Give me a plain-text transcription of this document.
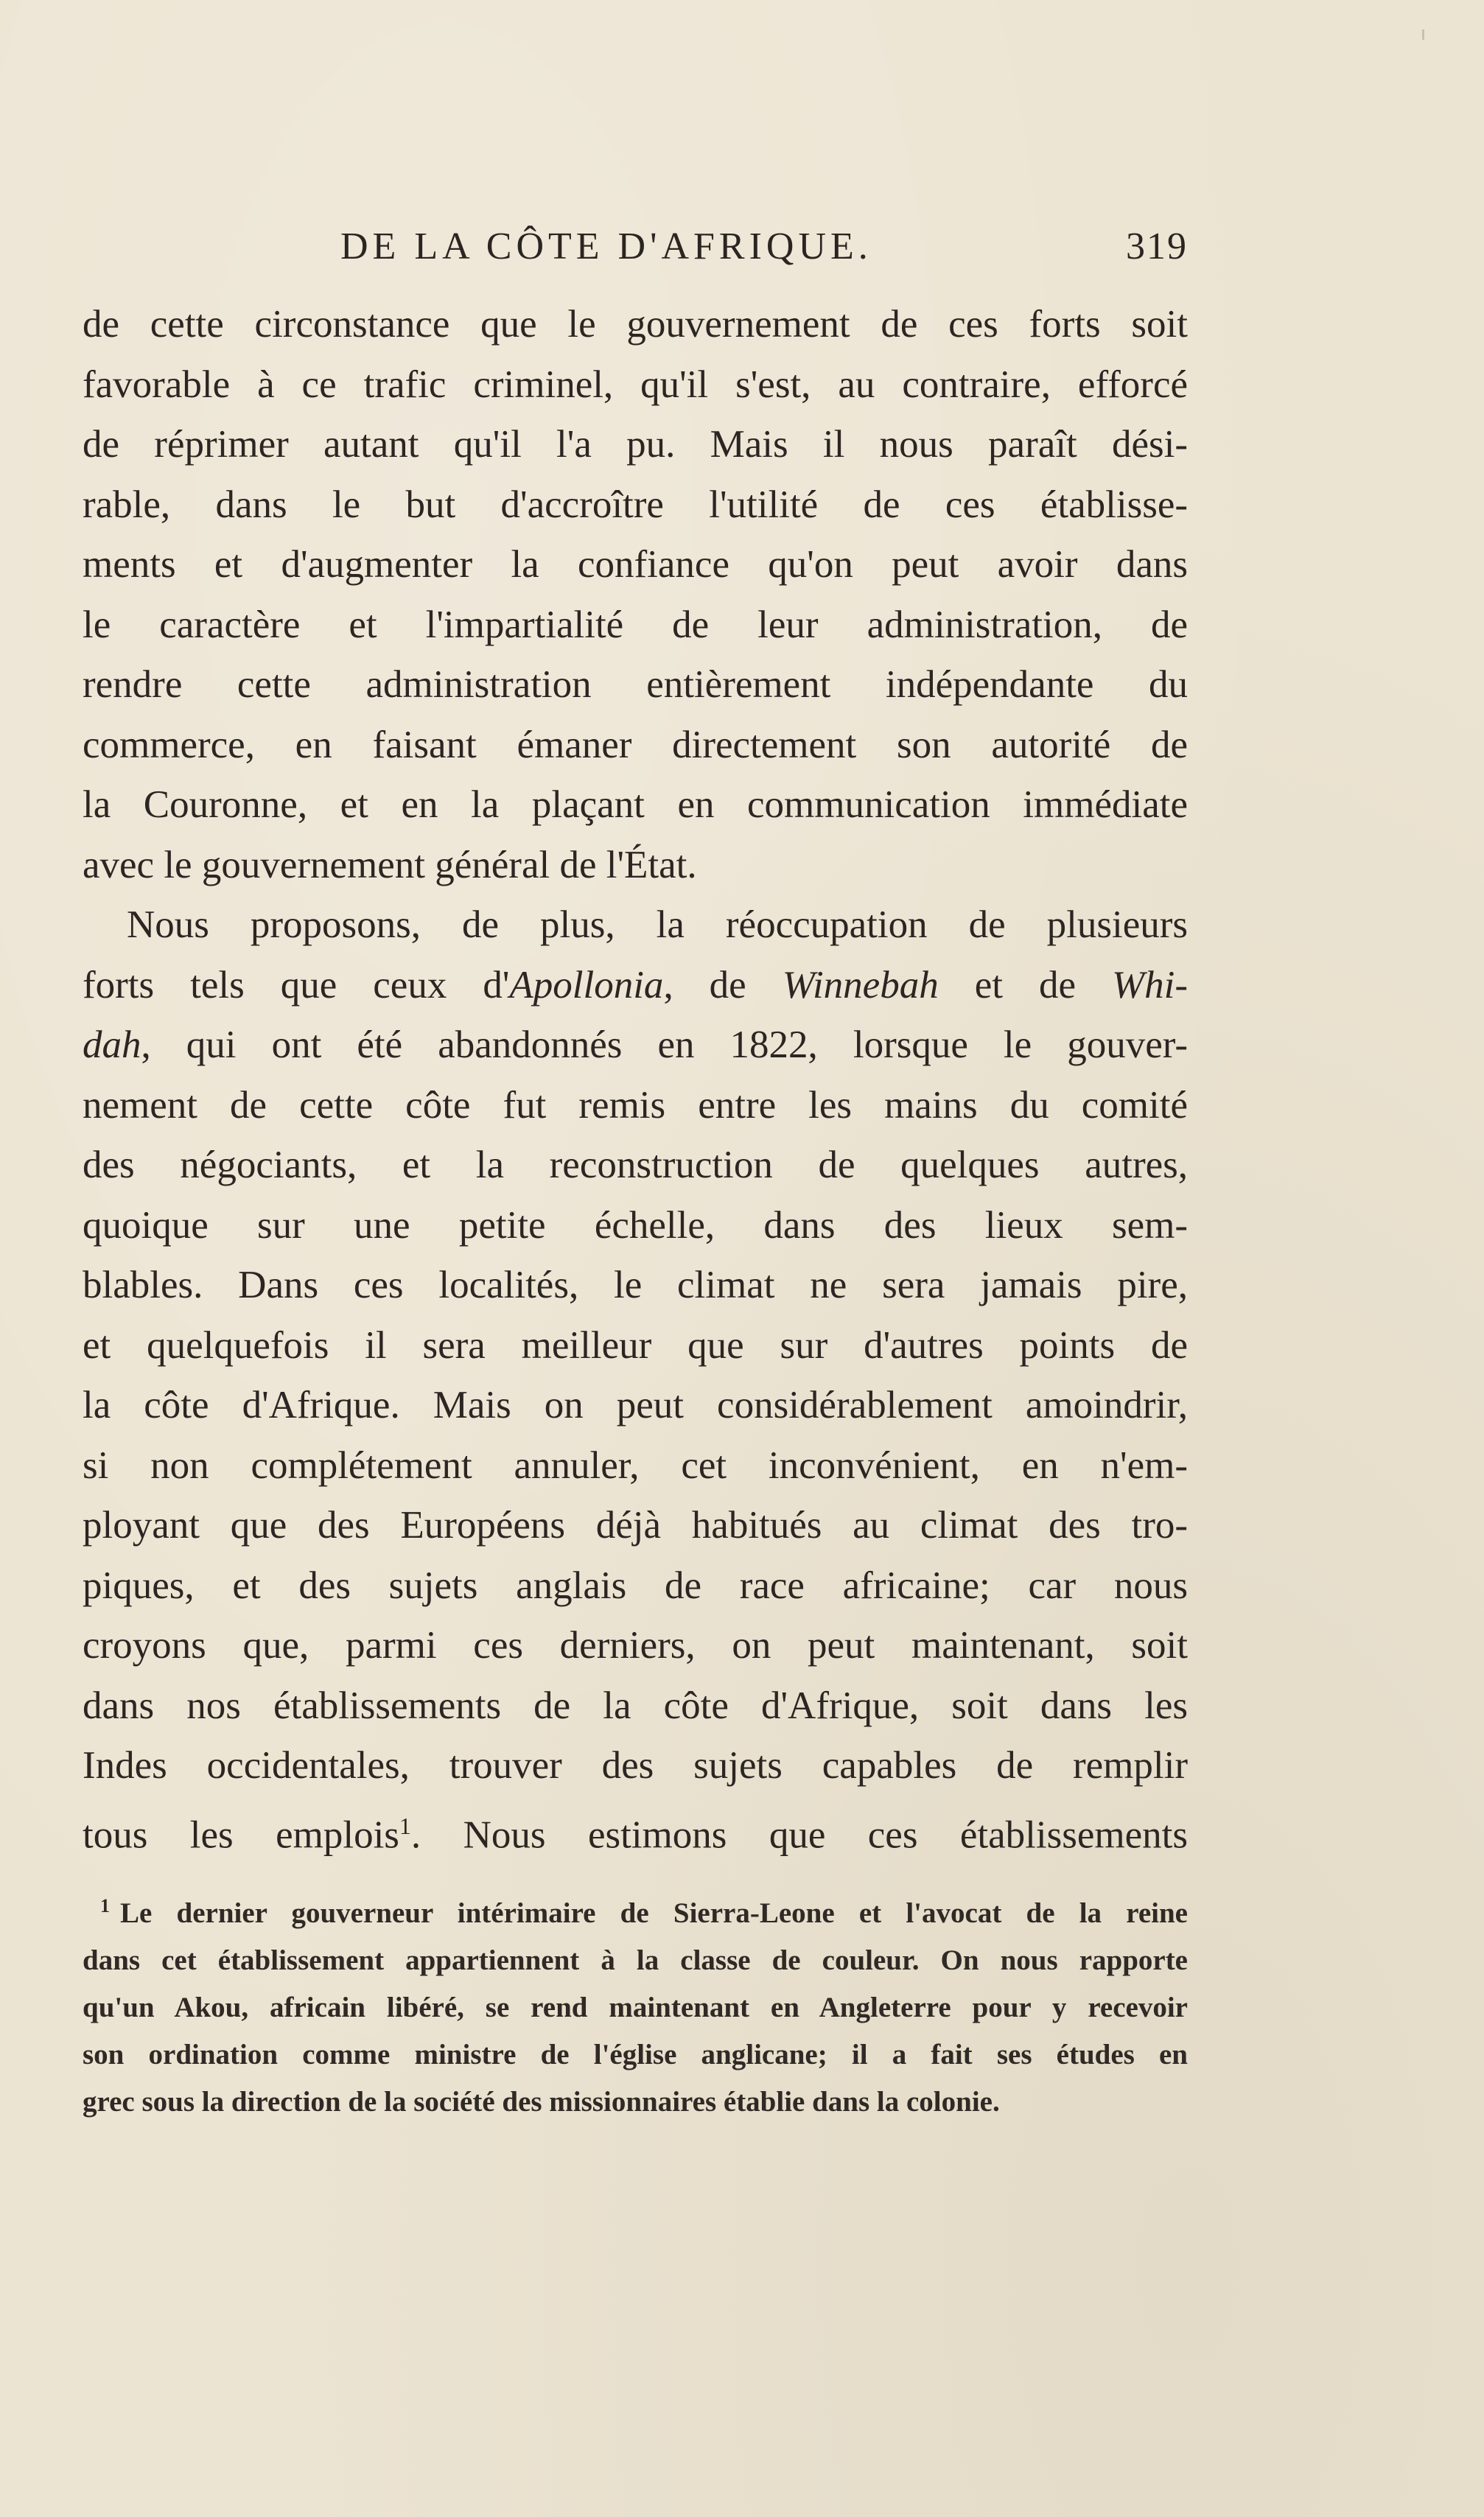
DE LA CÔTE D'AFRIQUE.	319
de cette circonstance que le gouvernement de ces forts soit
favorable à ce trafic criminel, qu'il s'est, au contraire, efforcé
de réprimer autant qu'il l'a pu. Mais il nous paraît dési-
rable, dans le but d'accroître l'utilité de ces établisse-
ments et d'augmenter la confiance qu'on peut avoir dans
le caractère et l'impartialité de leur administration, de
rendre cette administration entièrement indépendante du
commerce, en faisant émaner directement son autorité de
la Couronne, et en la plaçant en communication immédiate
avec le gouvernement général de l'État.
Nous proposons, de plus, la réoccupation de plusieurs
forts tels que ceux d'Apollonia, de Winnebah et de Whi-
dah, qui ont été abandonnés en 1822, lorsque le gouver-
nement de cette côte fut remis entre les mains du comité
des négociants, et la reconstruction de quelques autres,
quoique sur une petite échelle, dans des lieux sem-
blables. Dans ces localités, le climat ne sera jamais pire,
et quelquefois il sera meilleur que sur d'autres points de
la côte d'Afrique. Mais on peut considérablement amoindrir,
si non complétement annuler, cet inconvénient, en n'em-
ployant que des Européens déjà habitués au climat des tro-
piques, et des sujets anglais de race africaine; car nous
croyons que, parmi ces derniers, on peut maintenant, soit
dans nos établissements de la côte d'Afrique, soit dans les
Indes occidentales, trouver des sujets capables de remplir
tous les emplois$^1$. Nous estimons que ces établissements
$^1$ Le dernier gouverneur intérimaire de Sierra-Leone et l'avocat de la reine
dans cet établissement appartiennent à la classe de couleur. On nous rapporte
qu'un Akou, africain libéré, se rend maintenant en Angleterre pour y recevoir
son ordination comme ministre de l'église anglicane; il a fait ses études en
grec sous la direction de la société des missionnaires établie dans la colonie.
